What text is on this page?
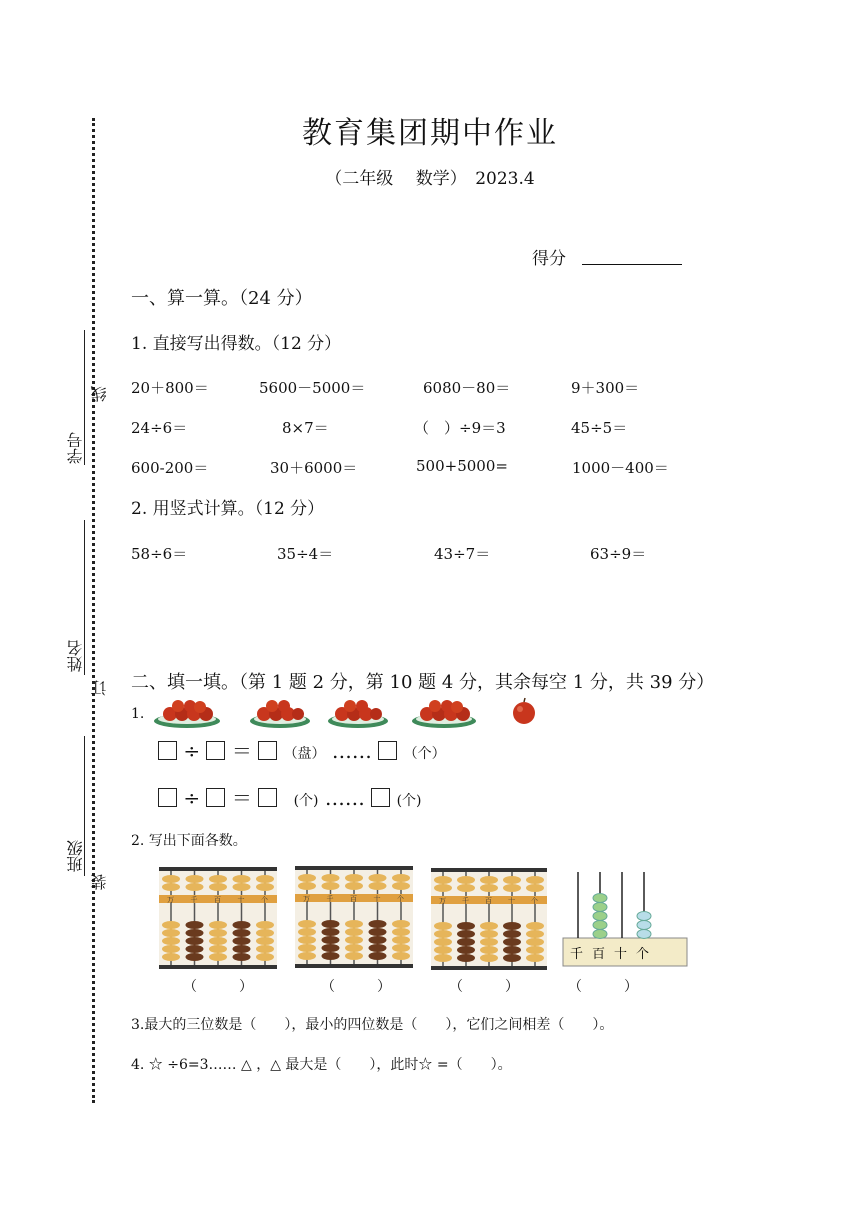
学号
线
姓名
订
班级
装
教育集团期中作业
（二年级　 数学）　2023.4
得分
一、算一算。（24 分）
1. 直接写出得数。（12 分）
20＋800＝	5600－5000＝	6080－80＝	9＋300＝
24÷6＝	8×7＝	（　）÷9＝3	45÷5＝
600-200＝	30＋6000＝	500+5000=	1000－400＝
2. 用竖式计算。（12 分）
58÷6＝	35÷4＝	43÷7＝	63÷9＝
二、填一填。（第 1 题 2 分，第 10 题 4 分，其余每空 1 分，共 39 分）
1.
÷ ＝ （盘） …… （个）
÷ ＝	(个) …… (个)
2. 写出下面各数。
万 千 百 十 个	万 千 百 十 个	万 千 百 十 个
千 百 十 个
（　　　）	（　　　）	（　　　）	（　　　）
3.最大的三位数是（　　），最小的四位数是（　　），它们之间相差（　　）。
4. ☆ ÷6=3…… △ ，△ 最大是（　　），此时☆ =（　　）。
